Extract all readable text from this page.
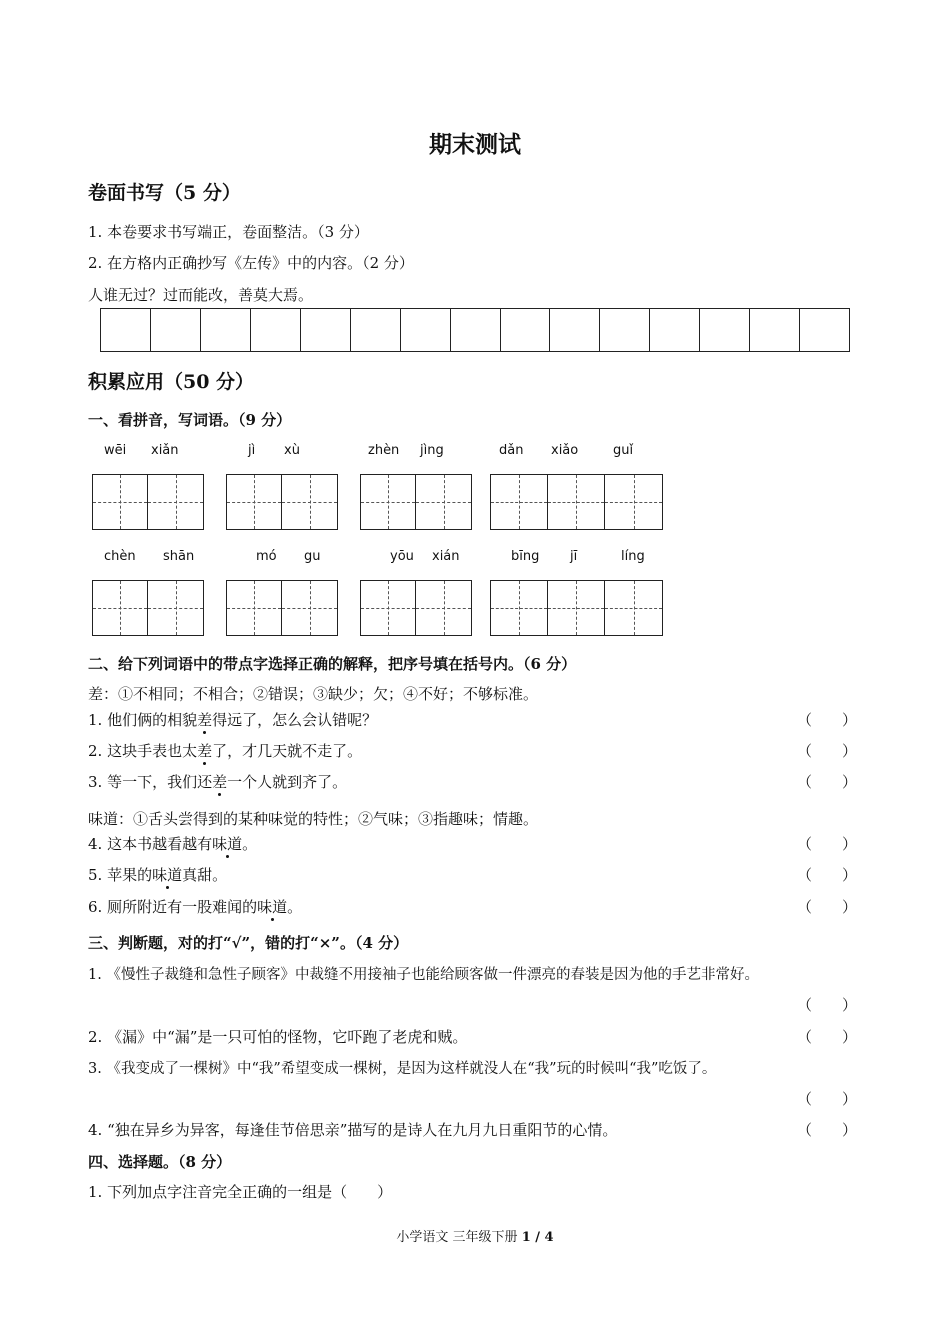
期末测试
卷面书写（5 分）
1. 本卷要求书写端正，卷面整洁。（3 分）
2. 在方格内正确抄写《左传》中的内容。（2 分）
人谁无过？过而能改，善莫大焉。
积累应用（50 分）
一、看拼音，写词语。（9 分）
wēi xiǎn	jì xù	zhèn jìng	dǎn xiǎo	guǐ
chèn shān	mó gu	yōu xián	bīng jī	líng
二、给下列词语中的带点字选择正确的解释，把序号填在括号内。（6 分）
差：①不相同；不相合；②错误；③缺少；欠；④不好；不够标准。
1. 他们俩的相貌差得远了，怎么会认错呢？	（　　）
2. 这块手表也太差了，才几天就不走了。	（　　）
3. 等一下，我们还差一个人就到齐了。	（　　）
味道：①舌头尝得到的某种味觉的特性；②气味；③指趣味；情趣。
4. 这本书越看越有味道。	（　　）
5. 苹果的味道真甜。	（　　）
6. 厕所附近有一股难闻的味道。	（　　）
三、判断题，对的打“√”，错的打“×”。（4 分）
1. 《慢性子裁缝和急性子顾客》中裁缝不用接袖子也能给顾客做一件漂亮的春装是因为他的手艺非常好。
（　　）
2. 《漏》中“漏”是一只可怕的怪物，它吓跑了老虎和贼。	（　　）
3. 《我变成了一棵树》中“我”希望变成一棵树，是因为这样就没人在“我”玩的时候叫“我”吃饭了。
（　　）
4. “独在异乡为异客，每逢佳节倍思亲”描写的是诗人在九月九日重阳节的心情。	（　　）
四、选择题。（8 分）
1. 下列加点字注音完全正确的一组是（　　）
小学语文 三年级下册 1 / 4
